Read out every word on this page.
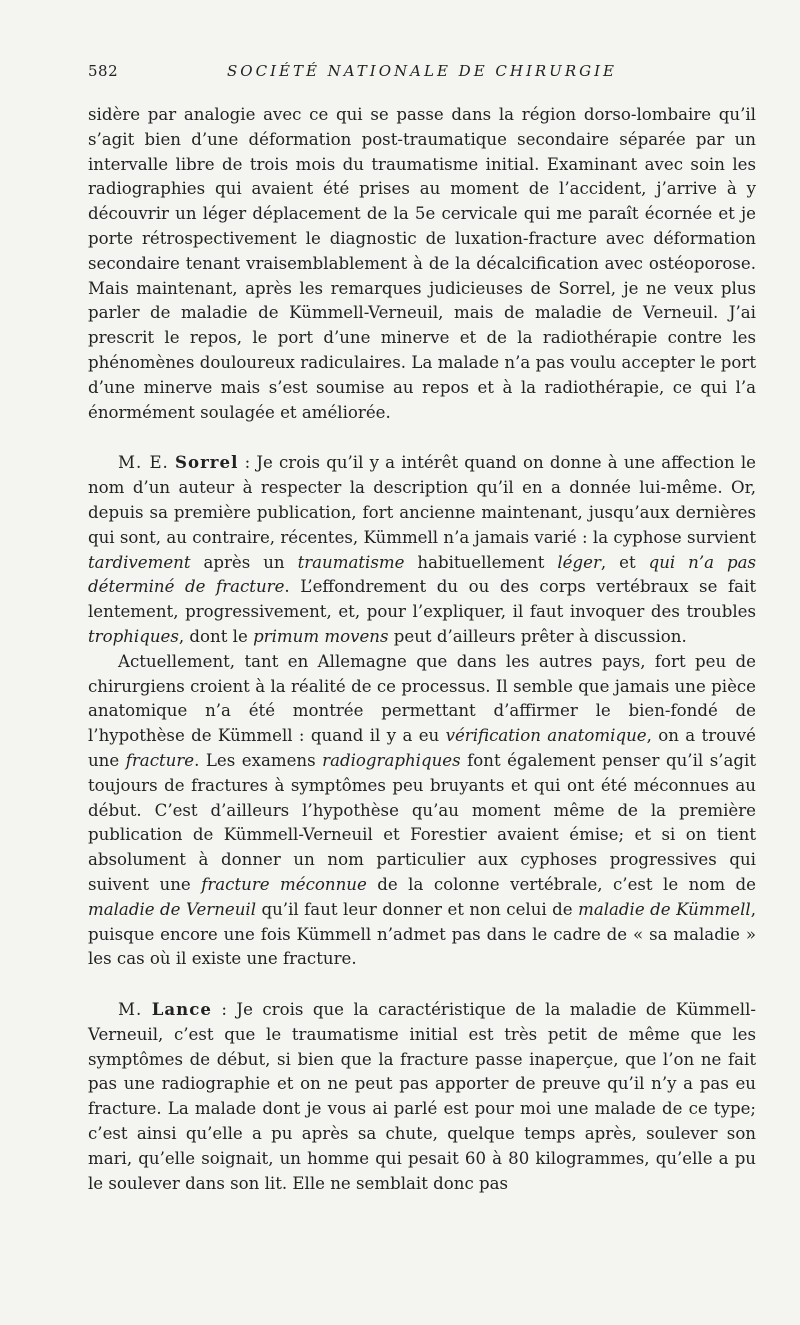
582	SOCIÉTÉ NATIONALE DE CHIRURGIE

sidère par analogie avec ce qui se passe dans la région dorso-lombaire qu’il s’agit bien d’une déformation post-traumatique secondaire séparée par un intervalle libre de trois mois du traumatisme initial. Examinant avec soin les radiographies qui avaient été prises au moment de l’accident, j’arrive à y découvrir un léger déplacement de la 5e cervicale qui me paraît écornée et je porte rétrospectivement le diagnostic de luxation-fracture avec déformation secondaire tenant vraisemblablement à de la décalcification avec ostéoporose. Mais maintenant, après les remarques judicieuses de Sorrel, je ne veux plus parler de maladie de Kümmell-Verneuil, mais de maladie de Verneuil. J’ai prescrit le repos, le port d’une minerve et de la radiothérapie contre les phénomènes douloureux radiculaires. La malade n’a pas voulu accepter le port d’une minerve mais s’est soumise au repos et à la radiothérapie, ce qui l’a énormément soulagée et améliorée.

M. E. Sorrel : Je crois qu’il y a intérêt quand on donne à une affection le nom d’un auteur à respecter la description qu’il en a donnée lui-même. Or, depuis sa première publication, fort ancienne maintenant, jusqu’aux dernières qui sont, au contraire, récentes, Kümmell n’a jamais varié : la cyphose survient tardivement après un traumatisme habituellement léger, et qui n’a pas déterminé de fracture. L’effondrement du ou des corps vertébraux se fait lentement, progressivement, et, pour l’expliquer, il faut invoquer des troubles trophiques, dont le primum movens peut d’ailleurs prêter à discussion.

Actuellement, tant en Allemagne que dans les autres pays, fort peu de chirurgiens croient à la réalité de ce processus. Il semble que jamais une pièce anatomique n’a été montrée permettant d’affirmer le bien-fondé de l’hypothèse de Kümmell : quand il y a eu vérification anatomique, on a trouvé une fracture. Les examens radiographiques font également penser qu’il s’agit toujours de fractures à symptômes peu bruyants et qui ont été méconnues au début. C’est d’ailleurs l’hypothèse qu’au moment même de la première publication de Kümmell-Verneuil et Forestier avaient émise; et si on tient absolument à donner un nom particulier aux cyphoses progressives qui suivent une fracture méconnue de la colonne vertébrale, c’est le nom de maladie de Verneuil qu’il faut leur donner et non celui de maladie de Kümmell, puisque encore une fois Kümmell n’admet pas dans le cadre de « sa maladie » les cas où il existe une fracture.

M. Lance : Je crois que la caractéristique de la maladie de Kümmell-Verneuil, c’est que le traumatisme initial est très petit de même que les symptômes de début, si bien que la fracture passe inaperçue, que l’on ne fait pas une radiographie et on ne peut pas apporter de preuve qu’il n’y a pas eu fracture. La malade dont je vous ai parlé est pour moi une malade de ce type; c’est ainsi qu’elle a pu après sa chute, quelque temps après, soulever son mari, qu’elle soignait, un homme qui pesait 60 à 80 kilogrammes, qu’elle a pu le soulever dans son lit. Elle ne semblait donc pas
